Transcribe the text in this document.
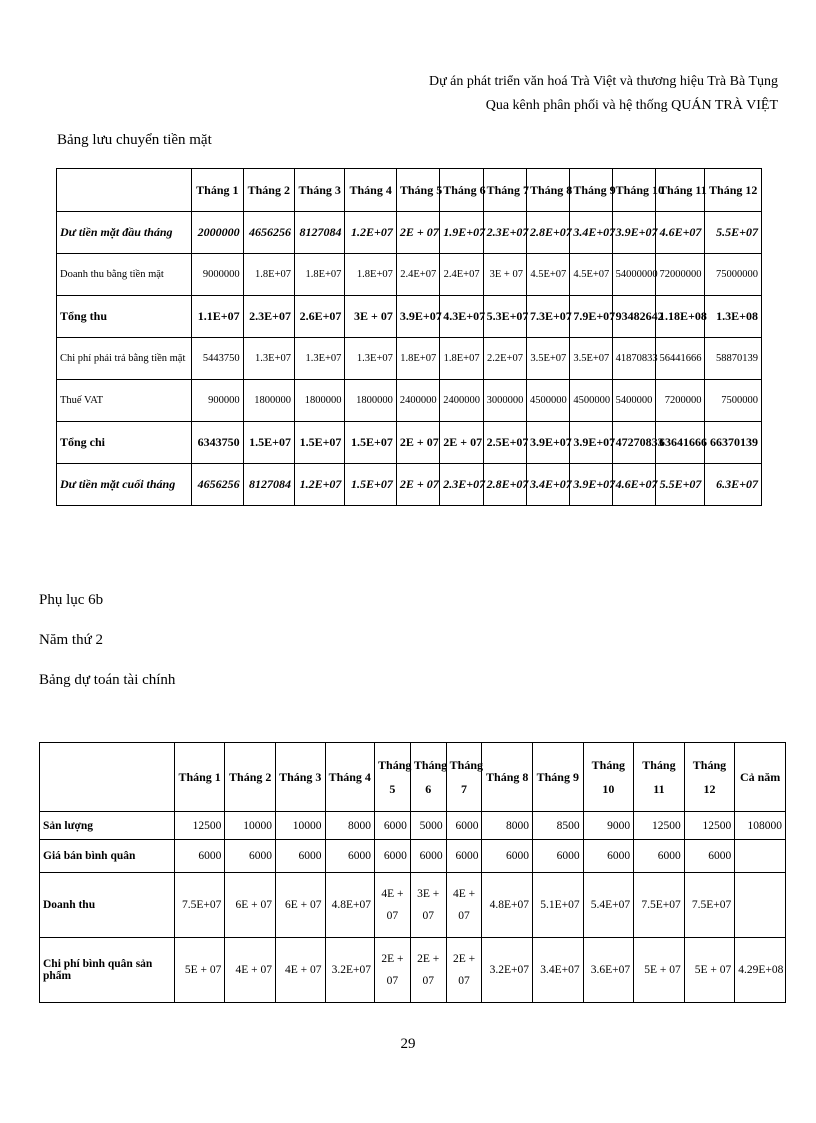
Dự án phát triển văn hoá Trà Việt và thương hiệu Trà Bà Tụng
Qua kênh phân phối và hệ thống QUÁN TRÀ VIỆT
Bảng lưu chuyển tiền mặt
	Tháng 1	Tháng 2	Tháng 3	Tháng 4	Tháng 5	Tháng 6	Tháng 7	Tháng 8	Tháng 9	Tháng 10	Tháng 11	Tháng 12
Dư tiền mặt đầu tháng	2000000	4656256	8127084	1.2E+07	2E + 07	1.9E+07	2.3E+07	2.8E+07	3.4E+07	3.9E+07	4.6E+07	5.5E+07
Doanh thu bằng tiền mặt	9000000	1.8E+07	1.8E+07	1.8E+07	2.4E+07	2.4E+07	3E + 07	4.5E+07	4.5E+07	54000000	72000000	75000000
Tổng thu	1.1E+07	2.3E+07	2.6E+07	3E + 07	3.9E+07	4.3E+07	5.3E+07	7.3E+07	7.9E+07	93482642	1.18E+08	1.3E+08
Chi phí phải trả bằng tiền mặt	5443750	1.3E+07	1.3E+07	1.3E+07	1.8E+07	1.8E+07	2.2E+07	3.5E+07	3.5E+07	41870833	56441666	58870139
Thuế VAT	900000	1800000	1800000	1800000	2400000	2400000	3000000	4500000	4500000	5400000	7200000	7500000
Tổng chi	6343750	1.5E+07	1.5E+07	1.5E+07	2E + 07	2E + 07	2.5E+07	3.9E+07	3.9E+07	47270833	63641666	66370139
Dư tiền mặt cuối tháng	4656256	8127084	1.2E+07	1.5E+07	2E + 07	2.3E+07	2.8E+07	3.4E+07	3.9E+07	4.6E+07	5.5E+07	6.3E+07
Phụ lục 6b
Năm thứ 2
Bảng dự toán tài chính
	Tháng 1	Tháng 2	Tháng 3	Tháng 4	Tháng 5	Tháng 6	Tháng 7	Tháng 8	Tháng 9	Tháng 10	Tháng 11	Tháng 12	Cả năm
Sản lượng	12500	10000	10000	8000	6000	5000	6000	8000	8500	9000	12500	12500	108000
Giá bán bình quân	6000	6000	6000	6000	6000	6000	6000	6000	6000	6000	6000	6000	
Doanh thu	7.5E+07	6E + 07	6E + 07	4.8E+07	4E + 07	3E + 07	4E + 07	4.8E+07	5.1E+07	5.4E+07	7.5E+07	7.5E+07	
Chi phí bình quân sản phẩm	5E + 07	4E + 07	4E + 07	3.2E+07	2E + 07	2E + 07	2E + 07	3.2E+07	3.4E+07	3.6E+07	5E + 07	5E + 07	4.29E+08
29
